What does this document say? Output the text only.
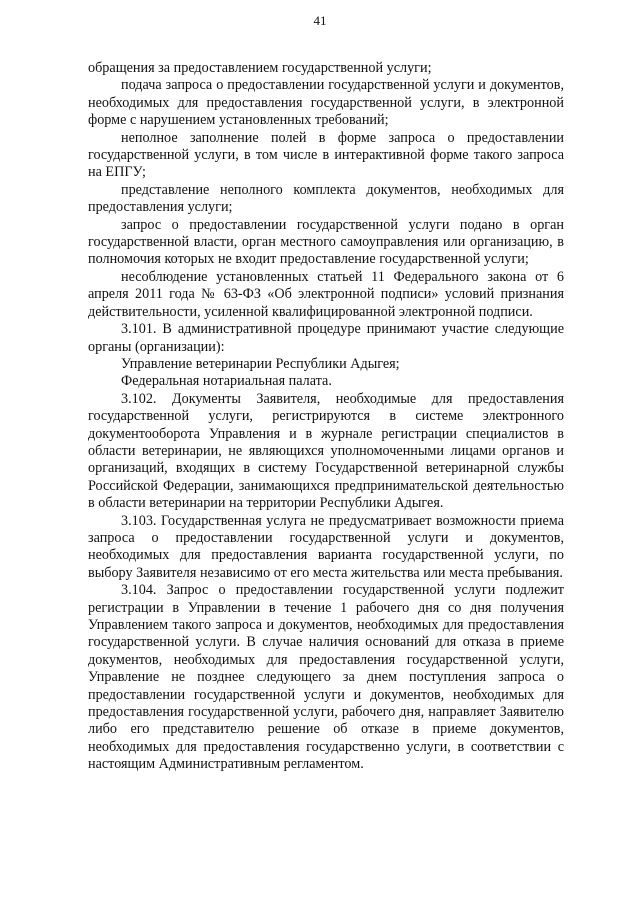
41

обращения за предоставлением государственной услуги;

подача запроса о предоставлении государственной услуги и документов, необходимых для предоставления государственной услуги, в электронной форме с нарушением установленных требований;

неполное заполнение полей в форме запроса о предоставлении государственной услуги, в том числе в интерактивной форме такого запроса на ЕПГУ;

представление неполного комплекта документов, необходимых для предоставления услуги;

запрос о предоставлении государственной услуги подано в орган государственной власти, орган местного самоуправления или организацию, в полномочия которых не входит предоставление государственной услуги;

несоблюдение установленных статьей 11 Федерального закона от 6 апреля 2011 года № 63-ФЗ «Об электронной подписи» условий признания действительности, усиленной квалифицированной электронной подписи.

3.101. В административной процедуре принимают участие следующие органы (организации):

Управление ветеринарии Республики Адыгея;

Федеральная нотариальная палата.

3.102. Документы Заявителя, необходимые для предоставления государственной услуги, регистрируются в системе электронного документооборота Управления и в журнале регистрации специалистов в области ветеринарии, не являющихся уполномоченными лицами органов и организаций, входящих в систему Государственной ветеринарной службы Российской Федерации, занимающихся предпринимательской деятельностью в области ветеринарии на территории Республики Адыгея.

3.103. Государственная услуга не предусматривает возможности приема запроса о предоставлении государственной услуги и документов, необходимых для предоставления варианта государственной услуги, по выбору Заявителя независимо от его места жительства или места пребывания.

3.104. Запрос о предоставлении государственной услуги подлежит регистрации в Управлении в течение 1 рабочего дня со дня получения Управлением такого запроса и документов, необходимых для предоставления государственной услуги. В случае наличия оснований для отказа в приеме документов, необходимых для предоставления государственной услуги, Управление не позднее следующего за днем поступления запроса о предоставлении государственной услуги и документов, необходимых для предоставления государственной услуги, рабочего дня, направляет Заявителю либо его представителю решение об отказе в приеме документов, необходимых для предоставления государственно услуги, в соответствии с настоящим Административным регламентом.
